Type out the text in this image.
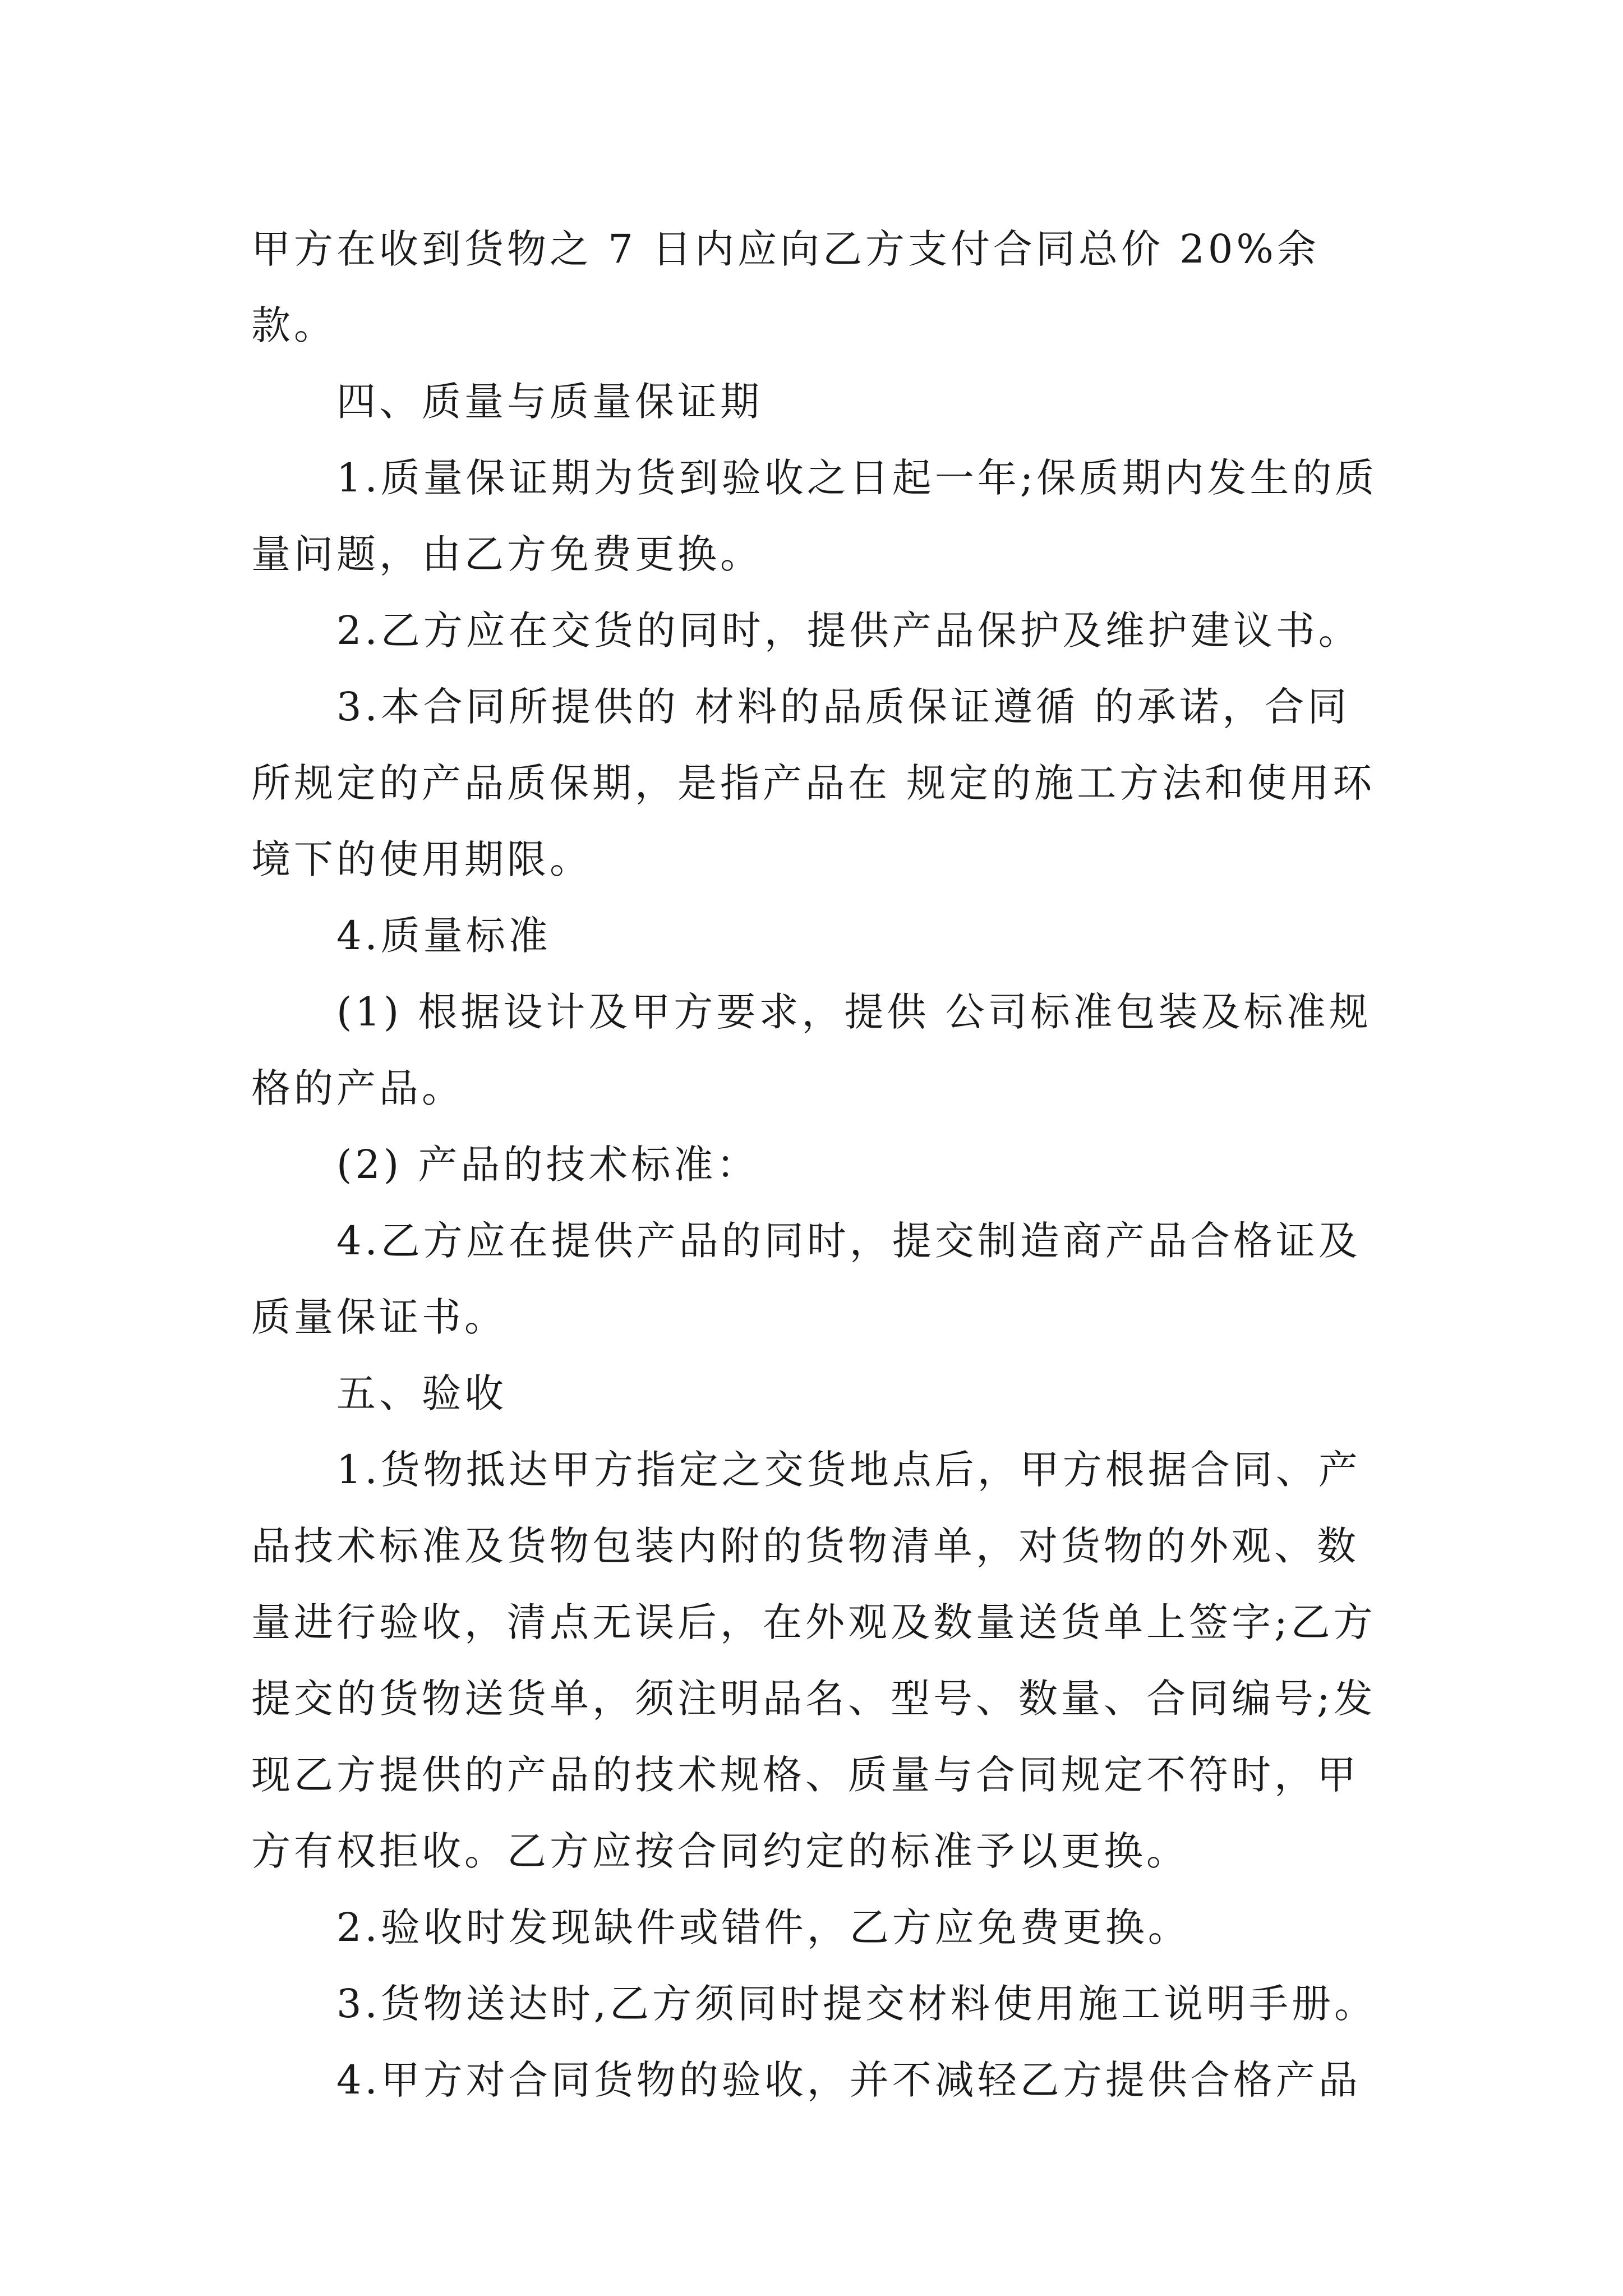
甲方在收到货物之 7 日内应向乙方支付合同总价 20%余款。

四、质量与质量保证期

1.质量保证期为货到验收之日起一年;保质期内发生的质量问题，由乙方免费更换。

2.乙方应在交货的同时，提供产品保护及维护建议书。

3.本合同所提供的 材料的品质保证遵循 的承诺，合同所规定的产品质保期，是指产品在 规定的施工方法和使用环境下的使用期限。

4.质量标准

(1) 根据设计及甲方要求，提供 公司标准包装及标准规格的产品。

(2) 产品的技术标准：

4.乙方应在提供产品的同时，提交制造商产品合格证及质量保证书。

五、验收

1.货物抵达甲方指定之交货地点后，甲方根据合同、产品技术标准及货物包装内附的货物清单，对货物的外观、数量进行验收，清点无误后，在外观及数量送货单上签字;乙方提交的货物送货单，须注明品名、型号、数量、合同编号;发现乙方提供的产品的技术规格、质量与合同规定不符时，甲方有权拒收。乙方应按合同约定的标准予以更换。

2.验收时发现缺件或错件，乙方应免费更换。

3.货物送达时,乙方须同时提交材料使用施工说明手册。

4.甲方对合同货物的验收，并不减轻乙方提供合格产品
